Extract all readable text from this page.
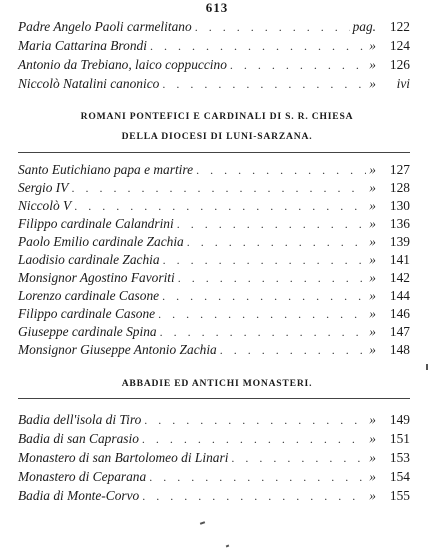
613
Padre Angelo Paoli carmelitano . . .	pag.	122
Maria Cattarina Brondi . . .	»	124
Antonio da Trebiano, laico coppuccino . . .	»	126
Niccolò Natalini canonico . . .	»	ivi
ROMANI PONTEFICI E CARDINALI DI S. R. CHIESA
DELLA DIOCESI DI LUNI-SARZANA.
Santo Eutichiano papa e martire . . .	»	127
Sergio IV . . .	»	128
Niccolò V . . .	»	130
Filippo cardinale Calandrini . . .	»	136
Paolo Emilio cardinale Zachia . . .	»	139
Laodisio cardinale Zachia . . .	»	141
Monsignor Agostino Favoriti . . .	»	142
Lorenzo cardinale Casone . . .	»	144
Filippo cardinale Casone . . .	»	146
Giuseppe cardinale Spina . . .	»	147
Monsignor Giuseppe Antonio Zachia . . .	»	148
ABBADIE ED ANTICHI MONASTERI.
Badia dell'isola di Tiro . . .	»	149
Badia di san Caprasio . . .	»	151
Monastero di san Bartolomeo di Linari . . .	»	153
Monastero di Ceparana . . .	»	154
Badia di Monte-Corvo . . .	»	155
